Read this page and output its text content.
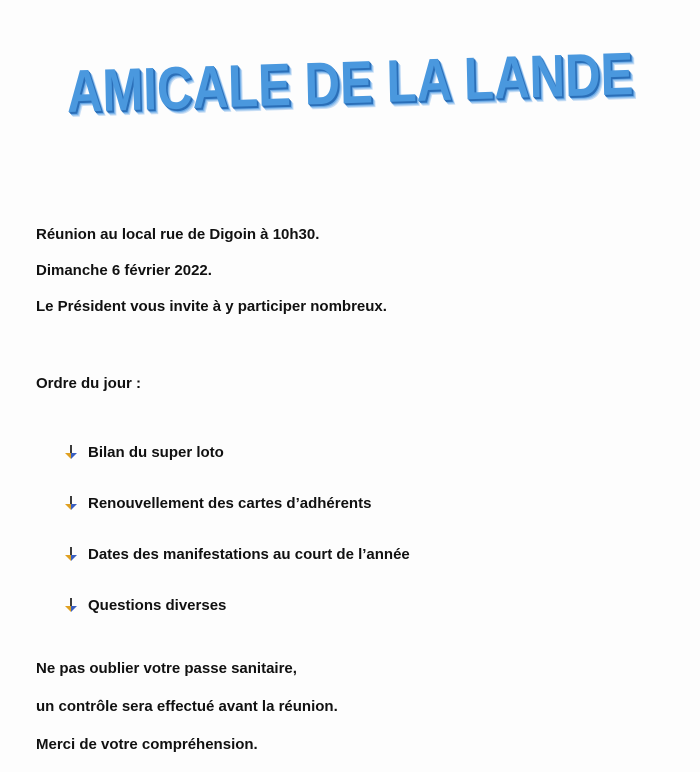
AMICALE DE LA LANDE

Réunion au local rue de Digoin à 10h30.

Dimanche 6 février 2022.

Le Président vous invite à y participer nombreux.

Ordre du jour :

Bilan du super loto
Renouvellement des cartes d’adhérents
Dates des manifestations au court de l’année
Questions diverses

Ne pas oublier votre passe sanitaire,

un contrôle sera effectué avant la réunion.

Merci de votre compréhension.
